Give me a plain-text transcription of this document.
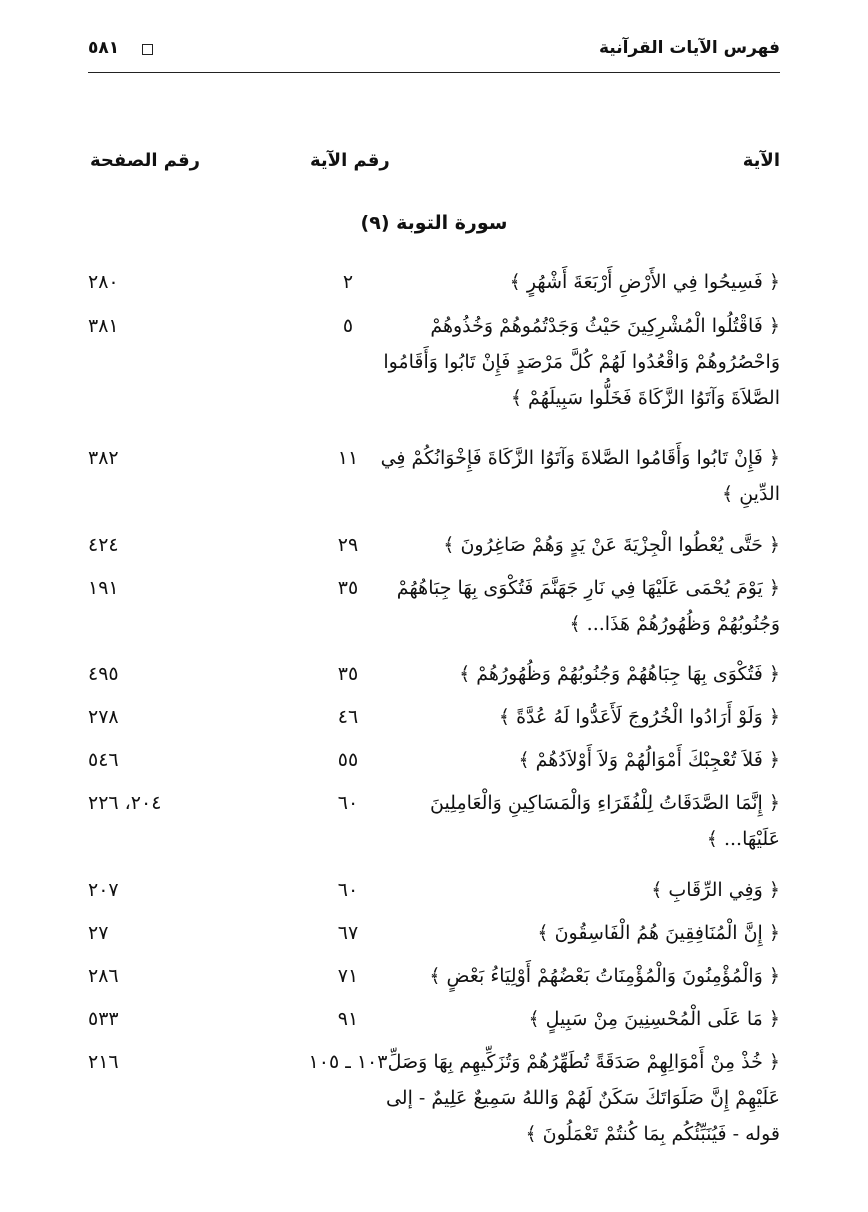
فهرس الآيات القرآنية
٥٨١
الآية
رقم الآية
رقم الصفحة
سورة التوبة (٩)
﴿ فَسِيحُوا فِي الأَرْضِ أَرْبَعَةَ أَشْهُرٍ ﴾
٢
٢٨٠
﴿ فَاقْتُلُوا الْمُشْرِكِينَ حَيْثُ وَجَدْتُمُوهُمْ وَخُذُوهُمْ وَاحْصُرُوهُمْ وَاقْعُدُوا لَهُمْ كُلَّ مَرْصَدٍ فَإِنْ تَابُوا وَأَقَامُوا الصَّلاَةَ وَآتَوُا الزَّكَاةَ فَخَلُّوا سَبِيلَهُمْ ﴾
٥
٣٨١
﴿ فَإِنْ تَابُوا وَأَقَامُوا الصَّلاةَ وَآتَوُا الزَّكَاةَ فَإِخْوَانُكُمْ فِي الدِّينِ ﴾
١١
٣٨٢
﴿ حَتَّى يُعْطُوا الْجِزْيَةَ عَنْ يَدٍ وَهُمْ صَاغِرُونَ ﴾
٢٩
٤٢٤
﴿ يَوْمَ يُحْمَى عَلَيْهَا فِي نَارِ جَهَنَّمَ فَتُكْوَى بِهَا جِبَاهُهُمْ وَجُنُوبُهُمْ وَظُهُورُهُمْ هَذَا... ﴾
٣٥
١٩١
﴿ فَتُكْوَى بِهَا جِبَاهُهُمْ وَجُنُوبُهُمْ وَظُهُورُهُمْ ﴾
٣٥
٤٩٥
﴿ وَلَوْ أَرَادُوا الْخُرُوجَ لَأَعَدُّوا لَهُ عُدَّةً ﴾
٤٦
٢٧٨
﴿ فَلاَ تُعْجِبْكَ أَمْوَالُهُمْ وَلاَ أَوْلاَدُهُمْ ﴾
٥٥
٥٤٦
﴿ إِنَّمَا الصَّدَقَاتُ لِلْفُقَرَاءِ وَالْمَسَاكِينِ وَالْعَامِلِينَ عَلَيْهَا... ﴾
٦٠
٢٠٤، ٢٢٦
﴿ وَفِي الرِّقَابِ ﴾
٦٠
٢٠٧
﴿ إِنَّ الْمُنَافِقِينَ هُمُ الْفَاسِقُونَ ﴾
٦٧
٢٧
﴿ وَالْمُؤْمِنُونَ وَالْمُؤْمِنَاتُ بَعْضُهُمْ أَوْلِيَاءُ بَعْضٍ ﴾
٧١
٢٨٦
﴿ مَا عَلَى الْمُحْسِنِينَ مِنْ سَبِيلٍ ﴾
٩١
٥٣٣
﴿ خُذْ مِنْ أَمْوَالِهِمْ صَدَقَةً تُطَهِّرُهُمْ وَتُزَكِّيهِم بِهَا وَصَلِّ عَلَيْهِمْ إِنَّ صَلَوَاتَكَ سَكَنٌ لَهُمْ وَاللهُ سَمِيعٌ عَلِيمٌ - إلى قوله - فَيُنَبِّئُكُم بِمَا كُنتُمْ تَعْمَلُونَ ﴾
١٠٣ ـ ١٠٥
٢١٦
